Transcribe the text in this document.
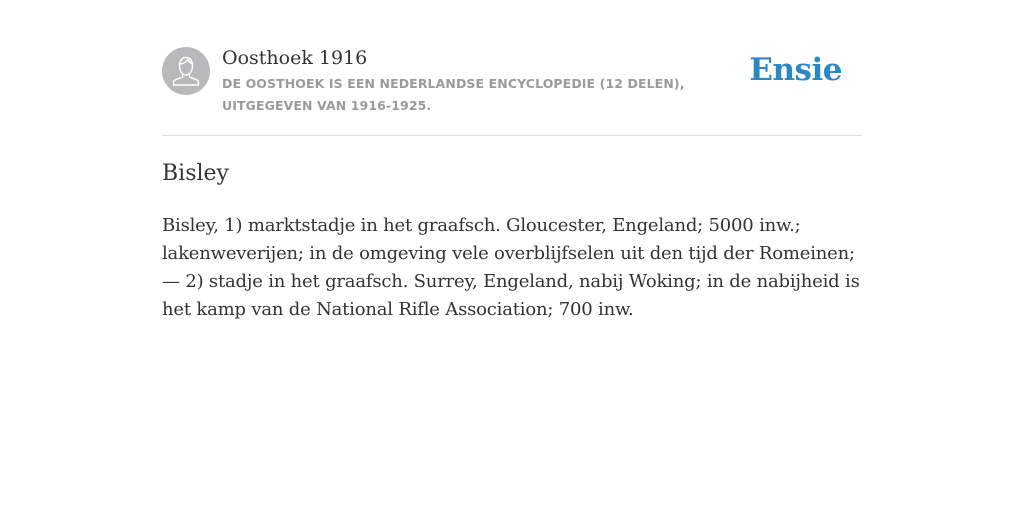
Oosthoek 1916
DE OOSTHOEK IS EEN NEDERLANDSE ENCYCLOPEDIE (12 DELEN), UITGEGEVEN VAN 1916-1925.
Ensie
Bisley

Bisley, 1) marktstadje in het graafsch. Gloucester, Engeland; 5000 inw.; lakenweverijen; in de omgeving vele overblijfselen uit den tijd der Romeinen; — 2) stadje in het graafsch. Surrey, Engeland, nabij Woking; in de nabijheid is het kamp van de National Rifle Association; 700 inw.
